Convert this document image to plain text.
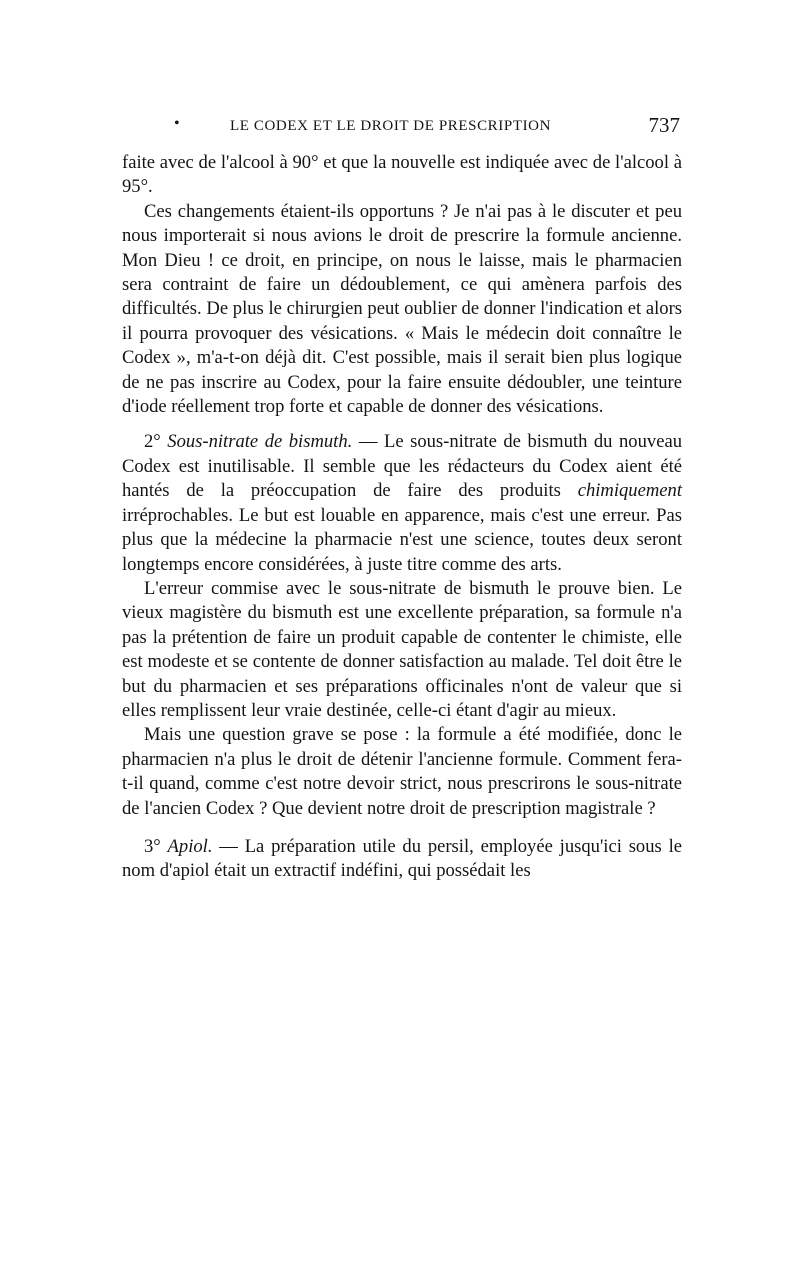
•	LE CODEX ET LE DROIT DE PRESCRIPTION	737

faite avec de l'alcool à 90° et que la nouvelle est indiquée avec de l'alcool à 95°.

Ces changements étaient-ils opportuns ? Je n'ai pas à le discuter et peu nous importerait si nous avions le droit de prescrire la formule ancienne. Mon Dieu ! ce droit, en principe, on nous le laisse, mais le pharmacien sera contraint de faire un dédoublement, ce qui amènera parfois des difficultés. De plus le chirurgien peut oublier de donner l'indication et alors il pourra provoquer des vésications. « Mais le médecin doit connaître le Codex », m'a-t-on déjà dit. C'est possible, mais il serait bien plus logique de ne pas inscrire au Codex, pour la faire ensuite dédoubler, une teinture d'iode réellement trop forte et capable de donner des vésications.

2° Sous-nitrate de bismuth. — Le sous-nitrate de bismuth du nouveau Codex est inutilisable. Il semble que les rédacteurs du Codex aient été hantés de la préoccupation de faire des produits chimiquement irréprochables. Le but est louable en apparence, mais c'est une erreur. Pas plus que la médecine la pharmacie n'est une science, toutes deux seront longtemps encore considérées, à juste titre comme des arts.

L'erreur commise avec le sous-nitrate de bismuth le prouve bien. Le vieux magistère du bismuth est une excellente préparation, sa formule n'a pas la prétention de faire un produit capable de contenter le chimiste, elle est modeste et se contente de donner satisfaction au malade. Tel doit être le but du pharmacien et ses préparations officinales n'ont de valeur que si elles remplissent leur vraie destinée, celle-ci étant d'agir au mieux.

Mais une question grave se pose : la formule a été modifiée, donc le pharmacien n'a plus le droit de détenir l'ancienne formule. Comment fera-t-il quand, comme c'est notre devoir strict, nous prescrirons le sous-nitrate de l'ancien Codex ? Que devient notre droit de prescription magistrale ?

3° Apiol. — La préparation utile du persil, employée jusqu'ici sous le nom d'apiol était un extractif indéfini, qui possédait les
